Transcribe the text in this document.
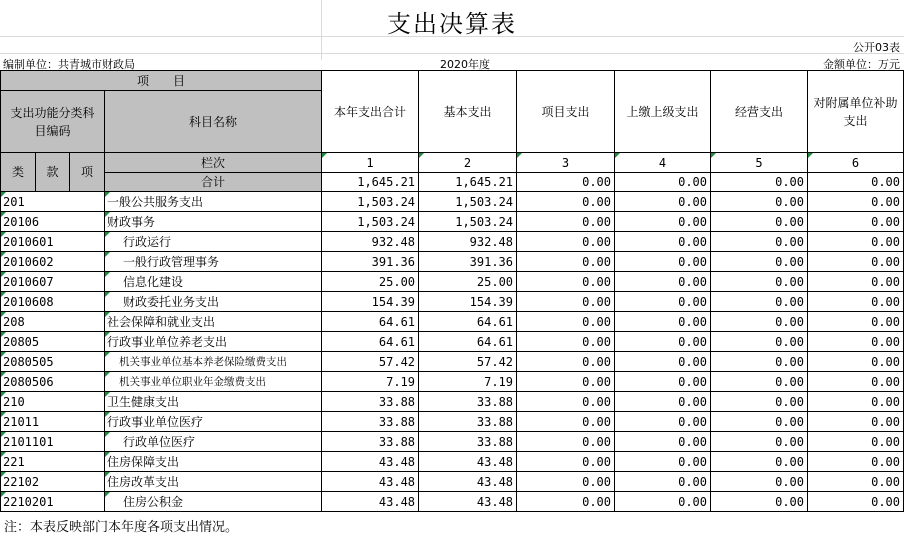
支出决算表
公开03表
编制单位：共青城市财政局	2020年度	金额单位：万元
项　　目				本年支出合计	基本支出	项目支出	上缴上级支出	经营支出	对附属单位补助支出
支出功能分类科目编码			科目名称						

类	款	项	栏次	1	2	3	4	5	6
			合计	1,645.21	1,645.21	0.00	0.00	0.00	0.00
201			一般公共服务支出	1,503.24	1,503.24	0.00	0.00	0.00	0.00
20106			财政事务	1,503.24	1,503.24	0.00	0.00	0.00	0.00
2010601			行政运行	932.48	932.48	0.00	0.00	0.00	0.00
2010602			一般行政管理事务	391.36	391.36	0.00	0.00	0.00	0.00
2010607			信息化建设	25.00	25.00	0.00	0.00	0.00	0.00
2010608			财政委托业务支出	154.39	154.39	0.00	0.00	0.00	0.00
208			社会保障和就业支出	64.61	64.61	0.00	0.00	0.00	0.00
20805			行政事业单位养老支出	64.61	64.61	0.00	0.00	0.00	0.00
2080505			机关事业单位基本养老保险缴费支出	57.42	57.42	0.00	0.00	0.00	0.00
2080506			机关事业单位职业年金缴费支出	7.19	7.19	0.00	0.00	0.00	0.00
210			卫生健康支出	33.88	33.88	0.00	0.00	0.00	0.00
21011			行政事业单位医疗	33.88	33.88	0.00	0.00	0.00	0.00
2101101			行政单位医疗	33.88	33.88	0.00	0.00	0.00	0.00
221			住房保障支出	43.48	43.48	0.00	0.00	0.00	0.00
22102			住房改革支出	43.48	43.48	0.00	0.00	0.00	0.00
2210201			住房公积金	43.48	43.48	0.00	0.00	0.00	0.00
注：本表反映部门本年度各项支出情况。
